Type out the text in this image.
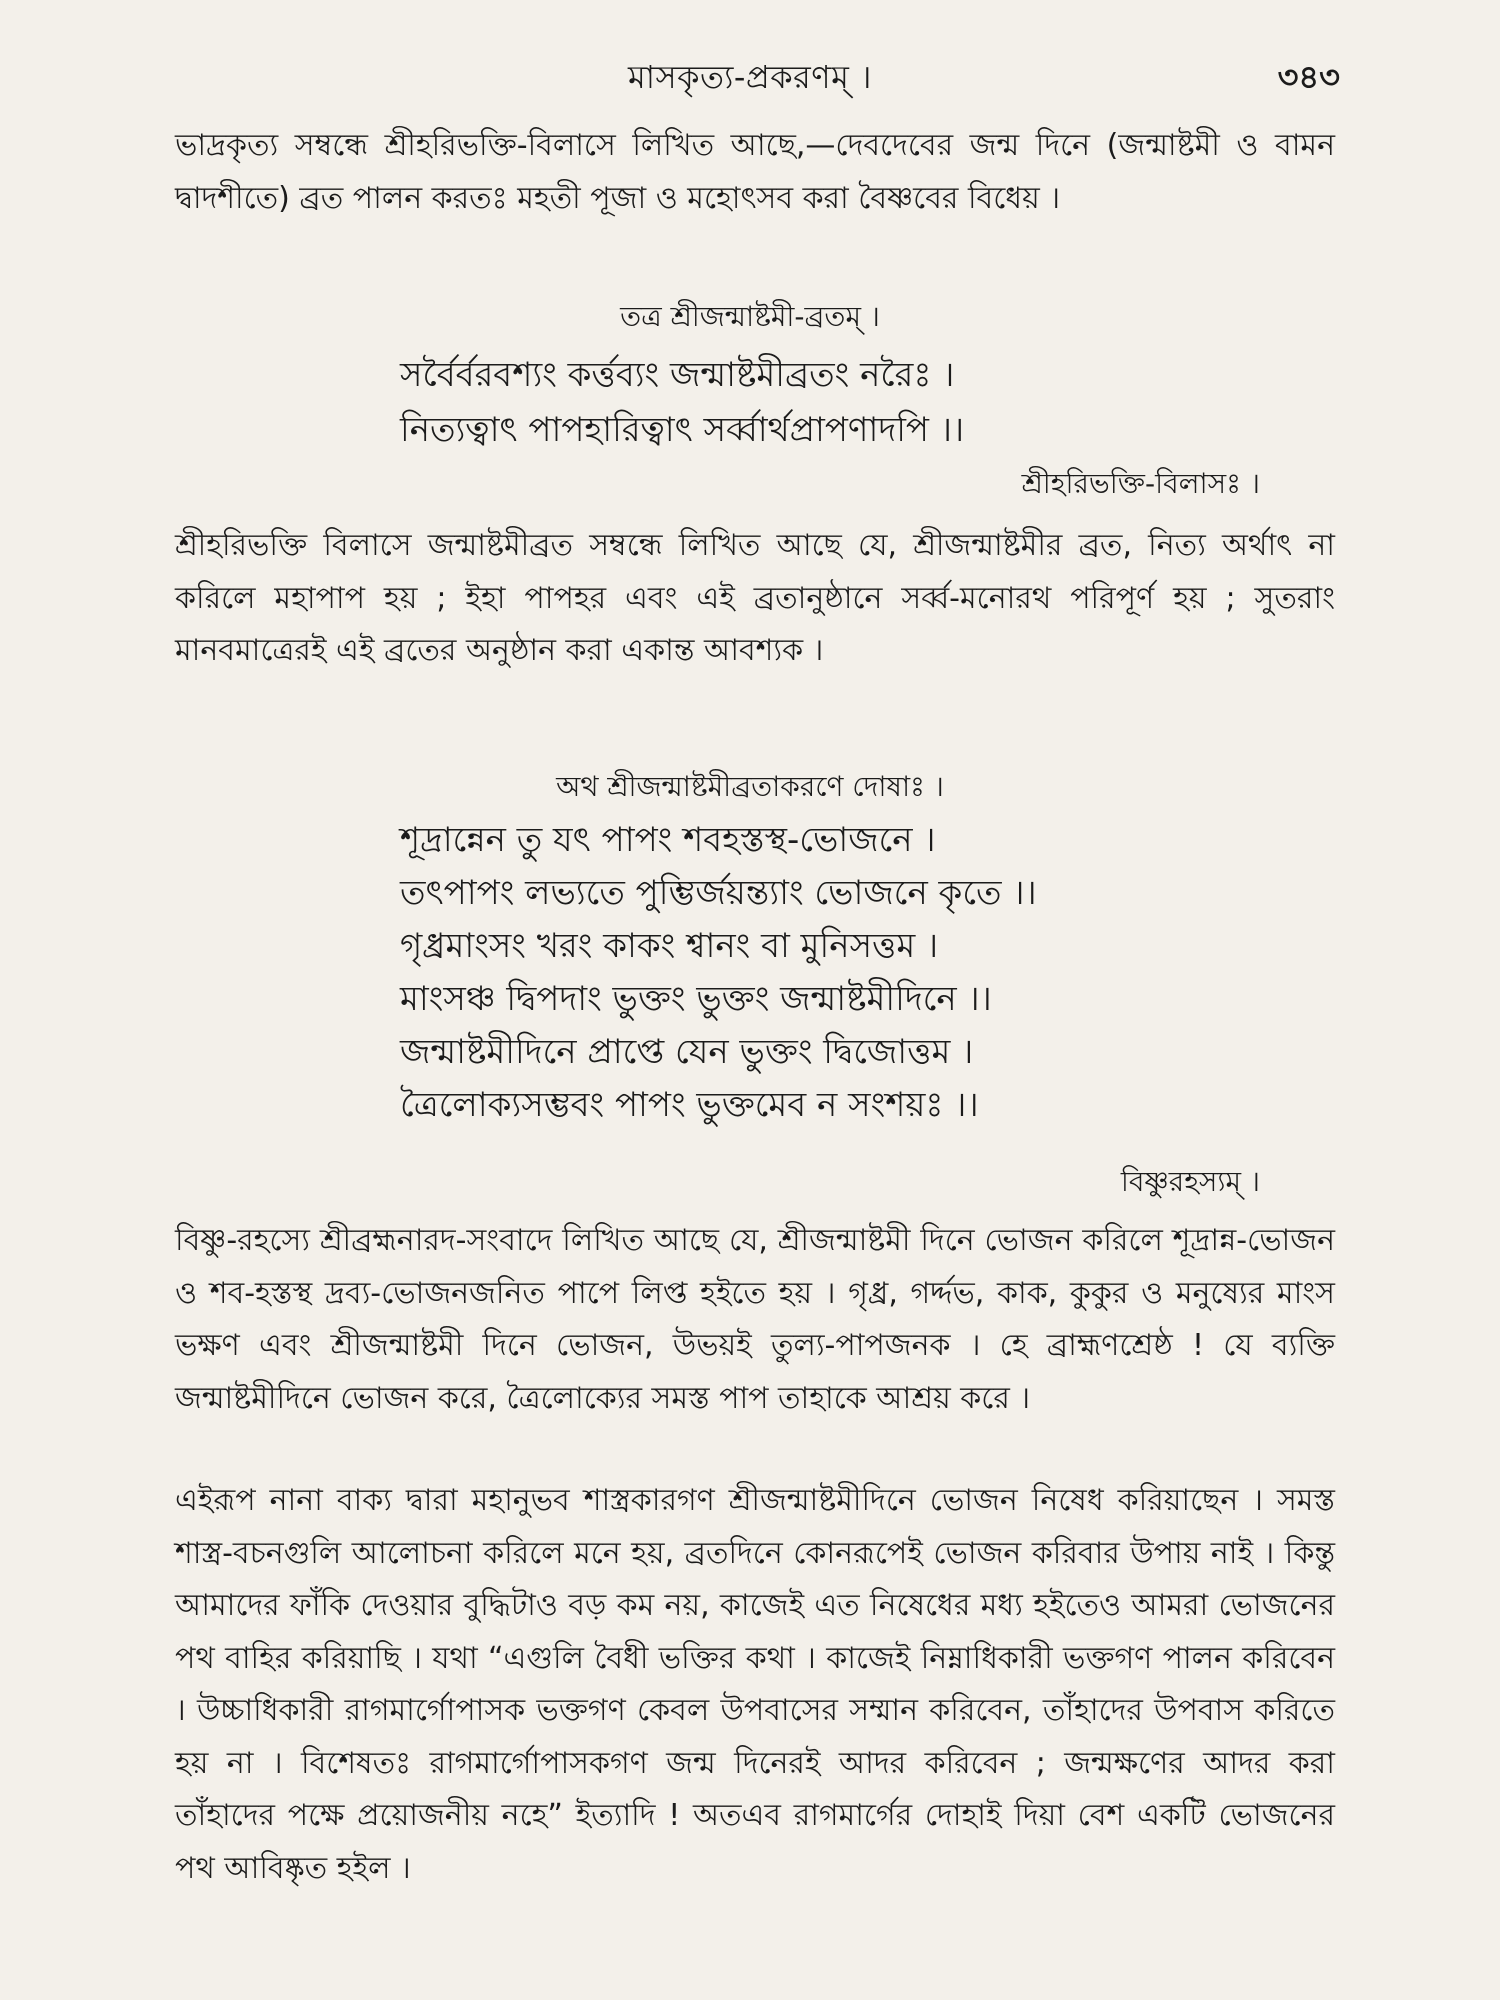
মাসকৃত্য-প্রকরণম্ ।	৩৪৩
ভাদ্রকৃত্য সম্বন্ধে শ্রীহরিভক্তি-বিলাসে লিখিত আছে,—দেবদেবের জন্ম দিনে (জন্মাষ্টমী ও বামন দ্বাদশীতে) ব্রত পালন করতঃ মহতী পূজা ও মহোৎসব করা বৈষ্ণবের বিধেয় ।
তত্র শ্রীজন্মাষ্টমী-ব্রতম্ ।
সর্বৈর্বরবশ্যং কর্ত্তব্যং জন্মাষ্টমীব্রতং নরৈঃ ।
নিত্যত্বাৎ পাপহারিত্বাৎ সর্ব্বার্থপ্রাপণাদপি ।।
শ্রীহরিভক্তি-বিলাসঃ ।
শ্রীহরিভক্তি বিলাসে জন্মাষ্টমীব্রত সম্বন্ধে লিখিত আছে যে, শ্রীজন্মাষ্টমীর ব্রত, নিত্য অর্থাৎ না করিলে মহাপাপ হয় ; ইহা পাপহর এবং এই ব্রতানুষ্ঠানে সর্ব্ব-মনোরথ পরিপূর্ণ হয় ; সুতরাং মানবমাত্রেরই এই ব্রতের অনুষ্ঠান করা একান্ত আবশ্যক ।
অথ শ্রীজন্মাষ্টমীব্রতাকরণে দোষাঃ ।
শূদ্রান্নেন তু যৎ পাপং শবহস্তস্থ-ভোজনে ।
তৎপাপং লভ্যতে পুম্ভির্জয়ন্ত্যাং ভোজনে কৃতে ।।
গৃধ্রমাংসং খরং কাকং শ্বানং বা মুনিসত্তম ।
মাংসঞ্চ দ্বিপদাং ভুক্তং ভুক্তং জন্মাষ্টমীদিনে ।।
জন্মাষ্টমীদিনে প্রাপ্তে যেন ভুক্তং দ্বিজোত্তম ।
ত্রৈলোক্যসম্ভবং পাপং ভুক্তমেব ন সংশয়ঃ ।।
বিষ্ণুরহস্যম্ ।
বিষ্ণু-রহস্যে শ্রীব্রহ্মনারদ-সংবাদে লিখিত আছে যে, শ্রীজন্মাষ্টমী দিনে ভোজন করিলে শূদ্রান্ন-ভোজন ও শব-হস্তস্থ দ্রব্য-ভোজনজনিত পাপে লিপ্ত হইতে হয় । গৃধ্র, গর্দ্দভ, কাক, কুকুর ও মনুষ্যের মাংস ভক্ষণ এবং শ্রীজন্মাষ্টমী দিনে ভোজন, উভয়ই তুল্য-পাপজনক । হে ব্রাহ্মণশ্রেষ্ঠ ! যে ব্যক্তি জন্মাষ্টমীদিনে ভোজন করে, ত্রৈলোক্যের সমস্ত পাপ তাহাকে আশ্রয় করে ।
এইরূপ নানা বাক্য দ্বারা মহানুভব শাস্ত্রকারগণ শ্রীজন্মাষ্টমীদিনে ভোজন নিষেধ করিয়াছেন । সমস্ত শাস্ত্র-বচনগুলি আলোচনা করিলে মনে হয়, ব্রতদিনে কোনরূপেই ভোজন করিবার উপায় নাই । কিন্তু আমাদের ফাঁকি দেওয়ার বুদ্ধিটাও বড় কম নয়, কাজেই এত নিষেধের মধ্য হইতেও আমরা ভোজনের পথ বাহির করিয়াছি । যথা “এগুলি বৈধী ভক্তির কথা । কাজেই নিম্নাধিকারী ভক্তগণ পালন করিবেন । উচ্চাধিকারী রাগমার্গোপাসক ভক্তগণ কেবল উপবাসের সম্মান করিবেন, তাঁহাদের উপবাস করিতে হয় না । বিশেষতঃ রাগমার্গোপাসকগণ জন্ম দিনেরই আদর করিবেন ; জন্মক্ষণের আদর করা তাঁহাদের পক্ষে প্রয়োজনীয় নহে” ইত্যাদি ! অতএব রাগমার্গের দোহাই দিয়া বেশ একটি ভোজনের পথ আবিষ্কৃত হইল ।
